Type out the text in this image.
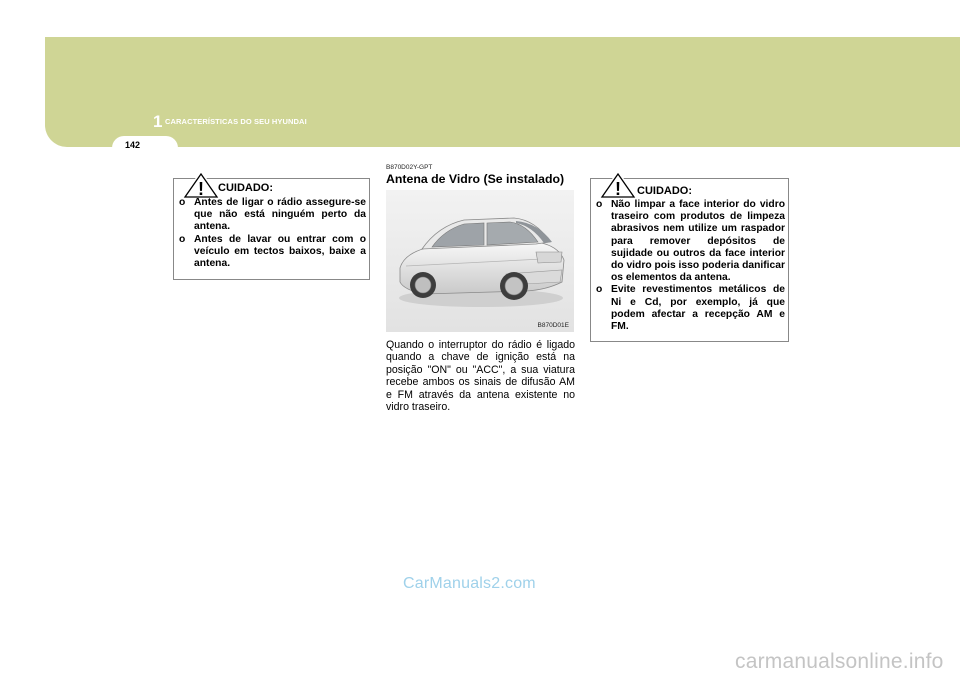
1 CARACTERÍSTICAS DO SEU HYUNDAI
142
! CUIDADO:
o Antes de ligar o rádio assegure-se que não está ninguém perto da antena.
o Antes de lavar ou entrar com o veículo em tectos baixos, baixe a antena.
B870D02Y-GPT
Antena de Vidro (Se instalado)
B870D01E

Quando o interruptor do rádio é ligado quando a chave de ignição está na posição "ON" ou "ACC", a sua viatura recebe ambos os sinais de difusão AM e FM através da antena existente no vidro traseiro.

! CUIDADO:
o Não limpar a face interior do vidro traseiro com produtos de limpeza abrasivos nem utilize um raspador para remover depósitos de sujidade ou outros da face interior do vidro pois isso poderia danificar os elementos da antena.
o Evite revestimentos metálicos de Ni e Cd, por exemplo, já que podem afectar a recepção AM e FM.
CarManuals2.com
carmanualsonline.info
